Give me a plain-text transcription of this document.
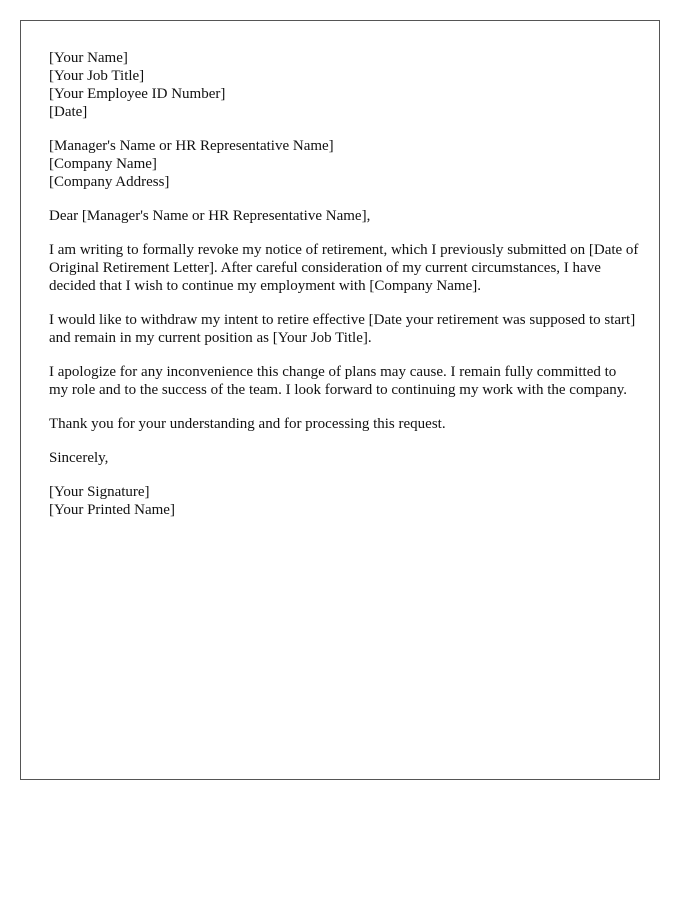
[Your Name]
[Your Job Title]
[Your Employee ID Number]
[Date]
[Manager's Name or HR Representative Name]
[Company Name]
[Company Address]

Dear [Manager's Name or HR Representative Name],

I am writing to formally revoke my notice of retirement, which I previously submitted on [Date of Original Retirement Letter]. After careful consideration of my current circumstances, I have decided that I wish to continue my employment with [Company Name].

I would like to withdraw my intent to retire effective [Date your retirement was supposed to start] and remain in my current position as [Your Job Title].

I apologize for any inconvenience this change of plans may cause. I remain fully committed to my role and to the success of the team. I look forward to continuing my work with the company.

Thank you for your understanding and for processing this request.

Sincerely,

[Your Signature]
[Your Printed Name]
